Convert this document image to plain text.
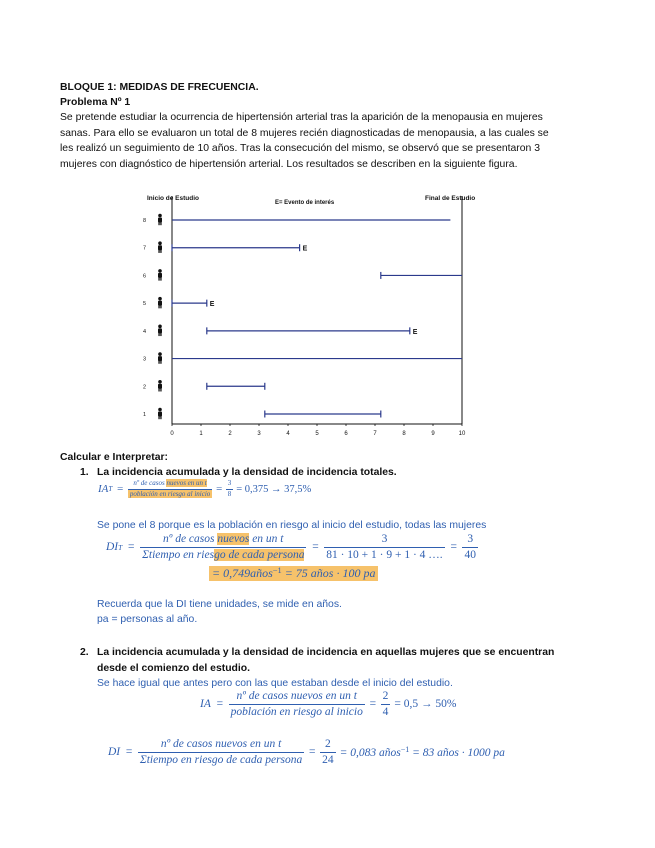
BLOQUE 1: MEDIDAS DE FRECUENCIA.
Problema Nº 1
Se pretende estudiar la ocurrencia de hipertensión arterial tras la aparición de la menopausia en mujeres
sanas. Para ello se evaluaron un total de 8 mujeres recién diagnosticadas de menopausia, a las cuales se
les realizó un seguimiento de 10 años. Tras la consecución del mismo, se observó que se presentaron 3
mujeres con diagnóstico de hipertensión arterial. Los resultados se describen en la siguiente figura.
Inicio de Estudio
E= Evento de interés
Final de Estudio
0	1	2	3	4	5	6	7	8	9	10
8
7	E
6
5	E
4	E
3
2
1
Calcular e Interpretar:
1. La incidencia acumulada y la densidad de incidencia totales.
IA $T = \frac{\text{nº de casos nuevos en un t}}{\text{población en riesgo al inicio}} = \frac{3}{8} = 0,375 \to 37,5\%$
Se pone el 8 porque es la población en riesgo al inicio del estudio, todas las mujeres
DI $T = \frac{\text{nº de casos nuevos en un t}}{\text{Σtiempo en riesgo de cada persona}} = \frac{3}{81 \cdot 10 + 1 \cdot 9 + 1 \cdot 4 \dots.} = \frac{3}{40}$
= 0,749años$^{-1}$ = 75 años · 100 pa
Recuerda que la DI tiene unidades, se mide en años.
pa = personas al año.
2. La incidencia acumulada y la densidad de incidencia en aquellas mujeres que se encuentran
desde el comienzo del estudio.
Se hace igual que antes pero con las que estaban desde el inicio del estudio.
IA = $\frac{\text{nº de casos nuevos en un t}}{\text{población en riesgo al inicio}} = \frac{2}{4} = 0,5 \to 50\%$
DI = $\frac{\text{nº de casos nuevos en un t}}{\text{Σtiempo en riesgo de cada persona}} = \frac{2}{24} = 0,083$ años$^{-1}$ = 83 años · 1000 pa
